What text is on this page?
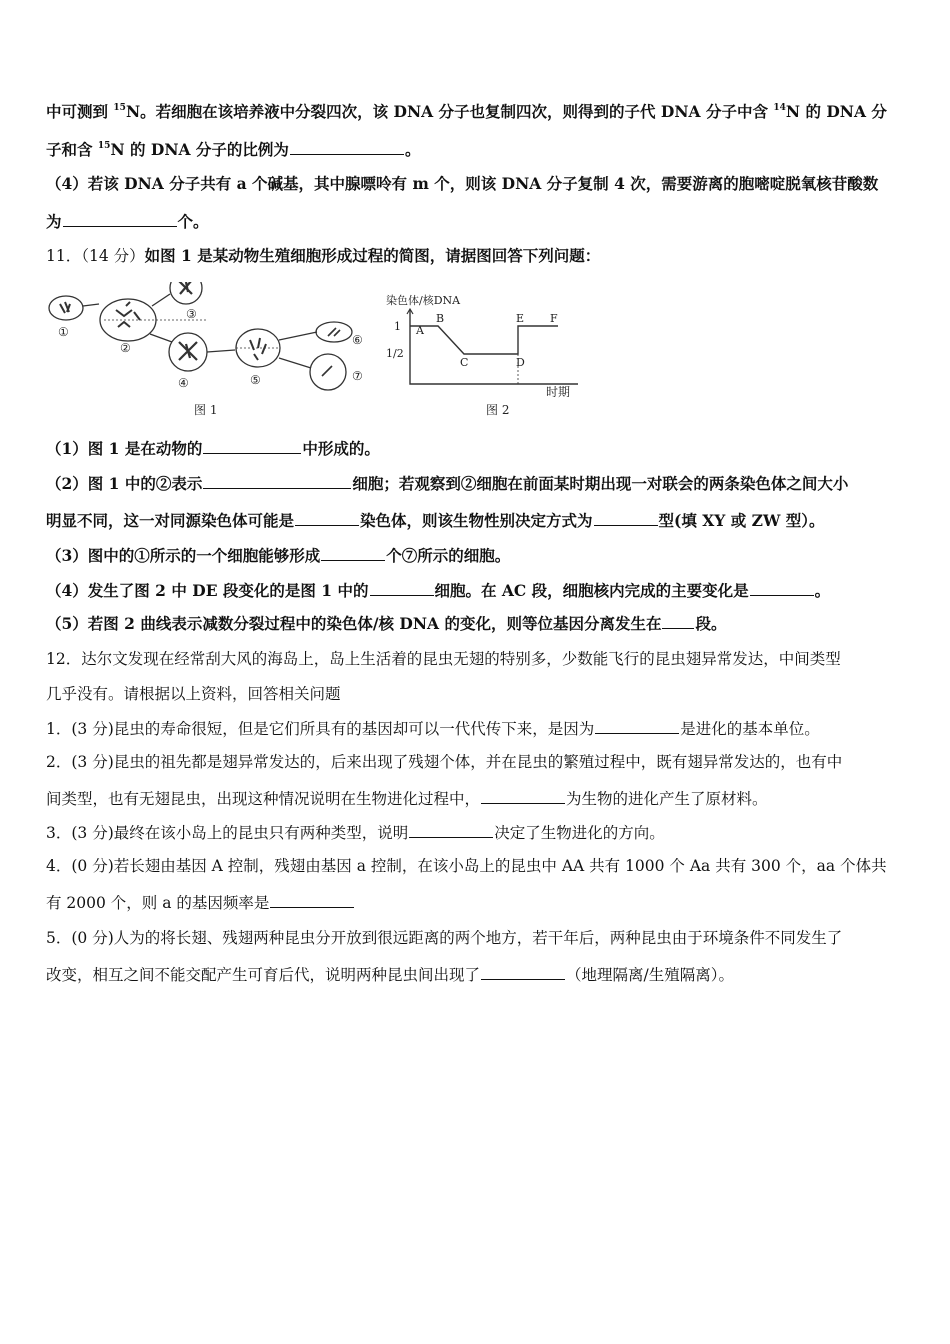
中可测到 $^{15}$N。若细胞在该培养液中分裂四次，该 DNA 分子也复制四次，则得到的子代 DNA 分子中含 $^{14}$N 的 DNA 分
子和含 $^{15}$N 的 DNA 分子的比例为	。
（4）若该 DNA 分子共有 a 个碱基，其中腺嘌呤有 m 个，则该 DNA 分子复制 4 次，需要游离的胞嘧啶脱氧核苷酸数
为	个。
11．（14 分）如图 1 是某动物生殖细胞形成过程的简图，请据图回答下列问题：
①
②
③
④	⑤
⑥
⑦
图 1
染色体/核DNA
1
1/2
A
B
C	D
E F
时期
图 2
（1）图 1 是在动物的	中形成的。
（2）图 1 中的②表示	细胞；若观察到②细胞在前面某时期出现一对联会的两条染色体之间大小
明显不同，这一对同源染色体可能是	染色体，则该生物性别决定方式为	型(填 XY 或 ZW 型）。
（3）图中的①所示的一个细胞能够形成	个⑦所示的细胞。
（4）发生了图 2 中 DE 段变化的是图 1 中的	细胞。在 AC 段，细胞核内完成的主要变化是	。
（5）若图 2 曲线表示减数分裂过程中的染色体/核 DNA 的变化，则等位基因分离发生在 段。
12．达尔文发现在经常刮大风的海岛上，岛上生活着的昆虫无翅的特别多，少数能飞行的昆虫翅异常发达，中间类型
几乎没有。请根据以上资料，回答相关问题
1．(3 分)昆虫的寿命很短，但是它们所具有的基因却可以一代代传下来，是因为	是进化的基本单位。
2．(3 分)昆虫的祖先都是翅异常发达的，后来出现了残翅个体，并在昆虫的繁殖过程中，既有翅异常发达的，也有中
间类型，也有无翅昆虫，出现这种情况说明在生物进化过程中，	为生物的进化产生了原材料。
3．(3 分)最终在该小岛上的昆虫只有两种类型，说明	决定了生物进化的方向。
4．(0 分)若长翅由基因 A 控制，残翅由基因 a 控制，在该小岛上的昆虫中 AA 共有 1000 个 Aa 共有 300 个，aa 个体共
有 2000 个，则 a 的基因频率是
5．(0 分)人为的将长翅、残翅两种昆虫分开放到很远距离的两个地方，若干年后，两种昆虫由于环境条件不同发生了
改变，相互之间不能交配产生可育后代，说明两种昆虫间出现了	（地理隔离/生殖隔离）。
